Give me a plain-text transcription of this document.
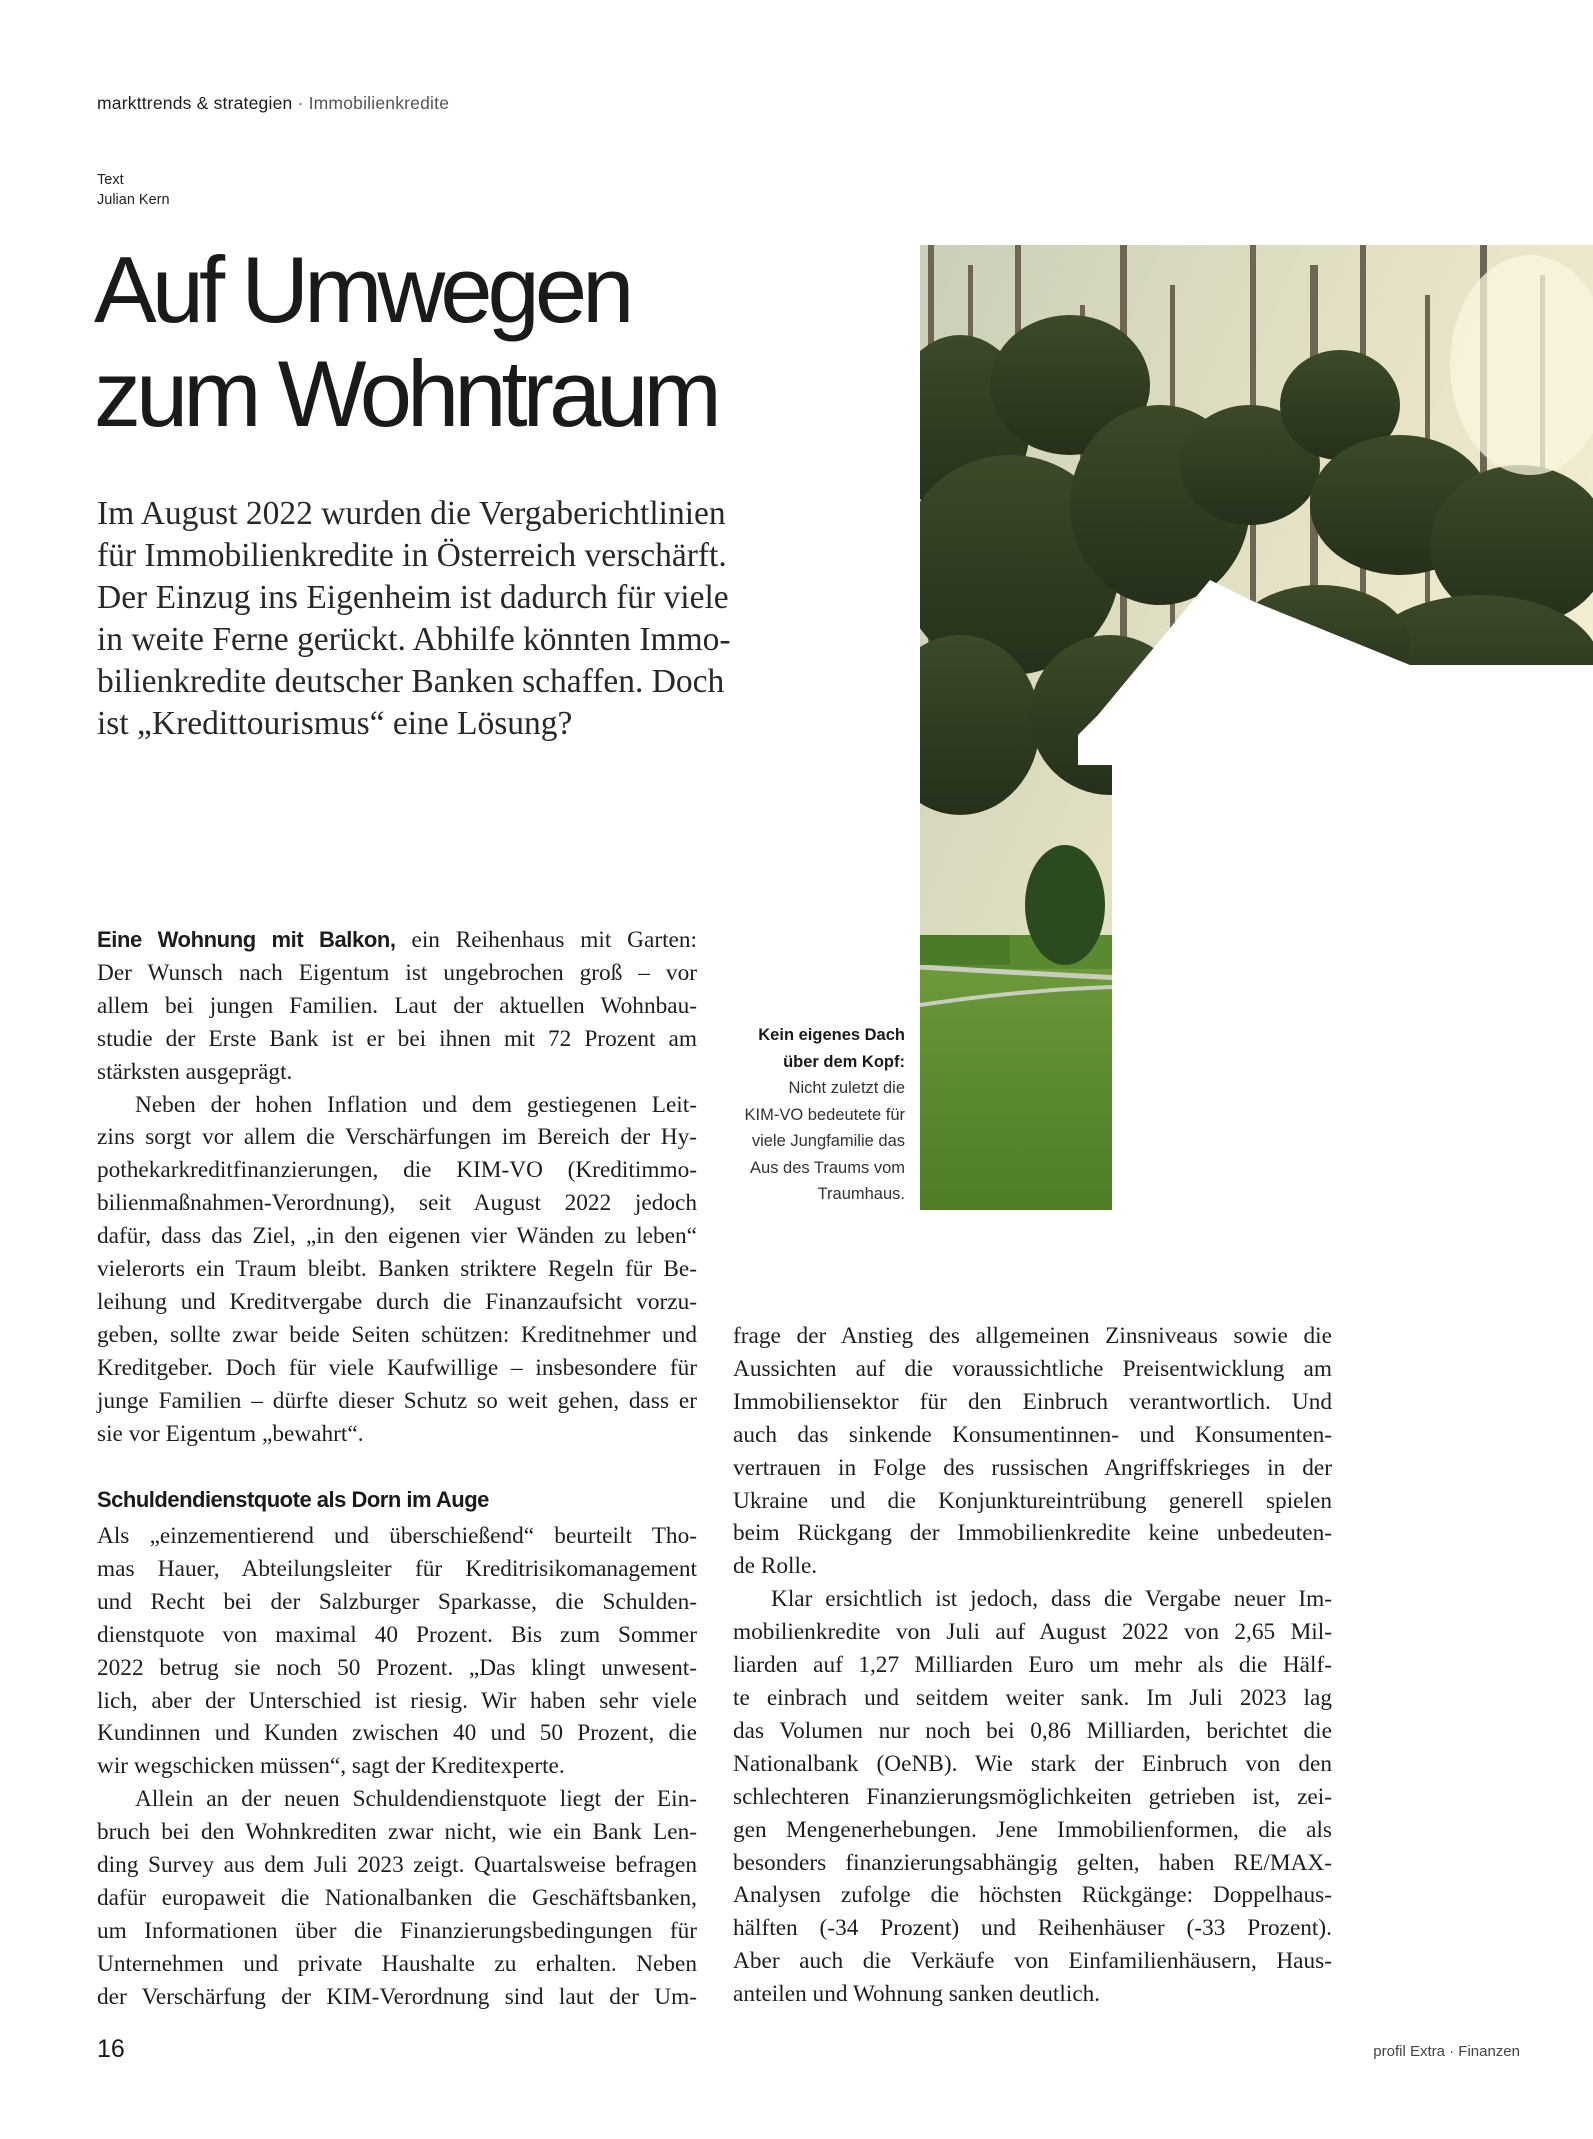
markttrends & strategien · Immobilienkredite
Text
Julian Kern
Auf Umwegen
zum Wohntraum

Im August 2022 wurden die Vergaberichtlinien
für Immobilienkredite in Österreich verschärft.
Der Einzug ins Eigenheim ist dadurch für viele
in weite Ferne gerückt. Abhilfe könnten Immo-
bilienkredite deutscher Banken schaffen. Doch
ist „Kredittourismus“ eine Lösung?

Kein eigenes Dach
über dem Kopf:
Nicht zuletzt die
KIM-VO bedeutete für
viele Jungfamilie das
Aus des Traums vom
Traumhaus.
Eine Wohnung mit Balkon, ein Reihenhaus mit Garten:
Der Wunsch nach Eigentum ist ungebrochen groß – vor
allem bei jungen Familien. Laut der aktuellen Wohnbau-
studie der Erste Bank ist er bei ihnen mit 72 Prozent am
stärksten ausgeprägt.
Neben der hohen Inflation und dem gestiegenen Leit-
zins sorgt vor allem die Verschärfungen im Bereich der Hy-
pothekarkreditfinanzierungen, die KIM-VO (Kreditimmo-
bilienmaßnahmen-Verordnung), seit August 2022 jedoch
dafür, dass das Ziel, „in den eigenen vier Wänden zu leben“
vielerorts ein Traum bleibt. Banken striktere Regeln für Be-
leihung und Kreditvergabe durch die Finanzaufsicht vorzu-
geben, sollte zwar beide Seiten schützen: Kreditnehmer und
Kreditgeber. Doch für viele Kaufwillige – insbesondere für
junge Familien – dürfte dieser Schutz so weit gehen, dass er
sie vor Eigentum „bewahrt“.
Schuldendienstquote als Dorn im Auge
Als „einzementierend und überschießend“ beurteilt Tho-
mas Hauer, Abteilungsleiter für Kreditrisikomanagement
und Recht bei der Salzburger Sparkasse, die Schulden-
dienstquote von maximal 40 Prozent. Bis zum Sommer
2022 betrug sie noch 50 Prozent. „Das klingt unwesent-
lich, aber der Unterschied ist riesig. Wir haben sehr viele
Kundinnen und Kunden zwischen 40 und 50 Prozent, die
wir wegschicken müssen“, sagt der Kreditexperte.
Allein an der neuen Schuldendienstquote liegt der Ein-
bruch bei den Wohnkrediten zwar nicht, wie ein Bank Len-
ding Survey aus dem Juli 2023 zeigt. Quartalsweise befragen
dafür europaweit die Nationalbanken die Geschäftsbanken,
um Informationen über die Finanzierungsbedingungen für
Unternehmen und private Haushalte zu erhalten. Neben
der Verschärfung der KIM-Verordnung sind laut der Um-
frage der Anstieg des allgemeinen Zinsniveaus sowie die
Aussichten auf die voraussichtliche Preisentwicklung am
Immobiliensektor für den Einbruch verantwortlich. Und
auch das sinkende Konsumentinnen- und Konsumenten-
vertrauen in Folge des russischen Angriffskrieges in der
Ukraine und die Konjunktureintrübung generell spielen
beim Rückgang der Immobilienkredite keine unbedeuten-
de Rolle.
Klar ersichtlich ist jedoch, dass die Vergabe neuer Im-
mobilienkredite von Juli auf August 2022 von 2,65 Mil-
liarden auf 1,27 Milliarden Euro um mehr als die Hälf-
te einbrach und seitdem weiter sank. Im Juli 2023 lag
das Volumen nur noch bei 0,86 Milliarden, berichtet die
Nationalbank (OeNB). Wie stark der Einbruch von den
schlechteren Finanzierungsmöglichkeiten getrieben ist, zei-
gen Mengenerhebungen. Jene Immobilienformen, die als
besonders finanzierungsabhängig gelten, haben RE/MAX-
Analysen zufolge die höchsten Rückgänge: Doppelhaus-
hälften (-34 Prozent) und Reihenhäuser (-33 Prozent).
Aber auch die Verkäufe von Einfamilienhäusern, Haus-
anteilen und Wohnung sanken deutlich.
16	profil Extra · Finanzen
